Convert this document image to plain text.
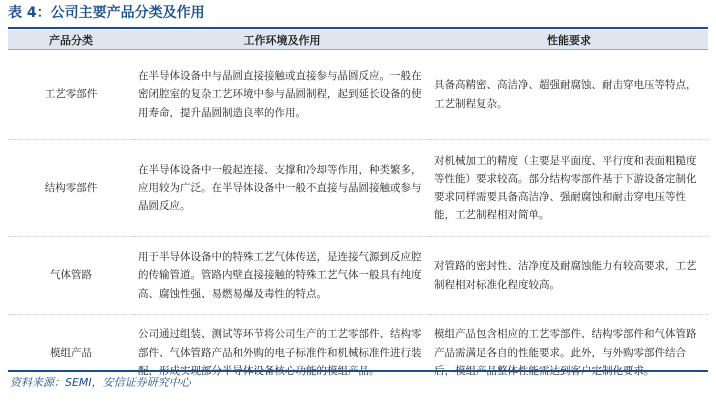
表 4：公司主要产品分类及作用
产品分类	工作环境及作用	性能要求
工艺零部件	在半导体设备中与晶圆直接接触或直接参与晶圆反应。一般在密闭腔室的复杂工艺环境中参与晶圆制程，起到延长设备的使用寿命，提升晶圆制造良率的作用。	具备高精密、高洁净、超强耐腐蚀、耐击穿电压等特点，工艺制程复杂。
结构零部件	在半导体设备中一般起连接、支撑和冷却等作用，种类繁多，应用较为广泛。在半导体设备中一般不直接与晶圆接触或参与晶圆反应。	对机械加工的精度（主要是平面度、平行度和表面粗糙度等性能）要求较高。部分结构零部件基于下游设备定制化要求同样需要具备高洁净、强耐腐蚀和耐击穿电压等性能，工艺制程相对简单。
气体管路	用于半导体设备中的特殊工艺气体传送，是连接气源到反应腔的传输管道。管路内壁直接接触的特殊工艺气体一般具有纯度高、腐蚀性强、易燃易爆及毒性的特点。	对管路的密封性、洁净度及耐腐蚀能力有较高要求，工艺制程相对标准化程度较高。
模组产品	公司通过组装、测试等环节将公司生产的工艺零部件、结构零部件、气体管路产品和外购的电子标准件和机械标准件进行装	模组产品包含相应的工艺零部件、结构零部件和气体管路产品需满足各自的性能要求。此外，与外购零部件结合
资料来源：SEMI，安信证券研究中心
